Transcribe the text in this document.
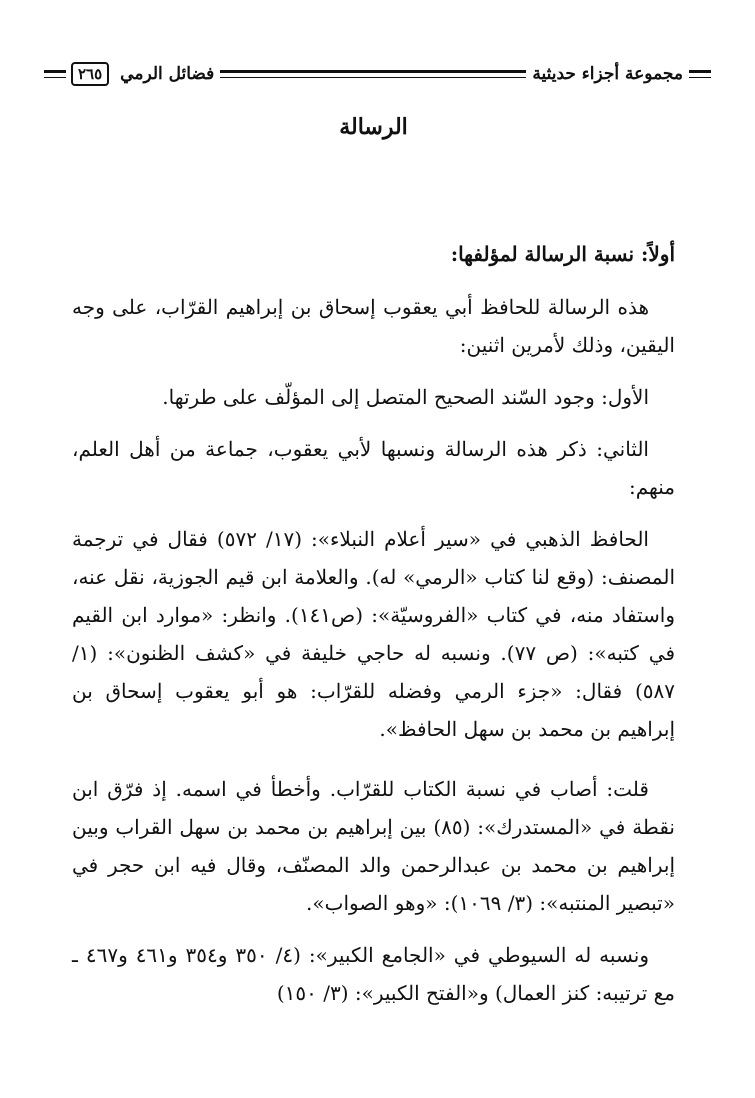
مجموعة أجزاء حديثية
فضائل الرمي
٢٦٥
الرسالة
أولاً: نسبة الرسالة لمؤلفها:

هذه الرسالة للحافظ أبي يعقوب إسحاق بن إبراهيم القرّاب، على وجه اليقين، وذلك لأمرين اثنين:

الأول: وجود السّند الصحيح المتصل إلى المؤلّف على طرتها.

الثاني: ذكر هذه الرسالة ونسبها لأبي يعقوب، جماعة من أهل العلم، منهم:

الحافظ الذهبي في «سير أعلام النبلاء»: (١٧/ ٥٧٢) فقال في ترجمة المصنف: (وقع لنا كتاب «الرمي» له). والعلامة ابن قيم الجوزية، نقل عنه، واستفاد منه، في كتاب «الفروسيّة»: (ص١٤١). وانظر: «موارد ابن القيم في كتبه»: (ص ٧٧). ونسبه له حاجي خليفة في «كشف الظنون»: (١/ ٥٨٧) فقال: «جزء الرمي وفضله للقرّاب: هو أبو يعقوب إسحاق بن إبراهيم بن محمد بن سهل الحافظ».

قلت: أصاب في نسبة الكتاب للقرّاب. وأخطأ في اسمه. إذ فرّق ابن نقطة في «المستدرك»: (٨٥) بين إبراهيم بن محمد بن سهل القراب وبين إبراهيم بن محمد بن عبدالرحمن والد المصنّف، وقال فيه ابن حجر في «تبصير المنتبه»: (٣/ ١٠٦٩): «وهو الصواب».

ونسبه له السيوطي في «الجامع الكبير»: (٤/ ٣٥٠ و٣٥٤ و٤٦١ و٤٦٧ ـ مع ترتيبه: كنز العمال) و«الفتح الكبير»: (٣/ ١٥٠)
